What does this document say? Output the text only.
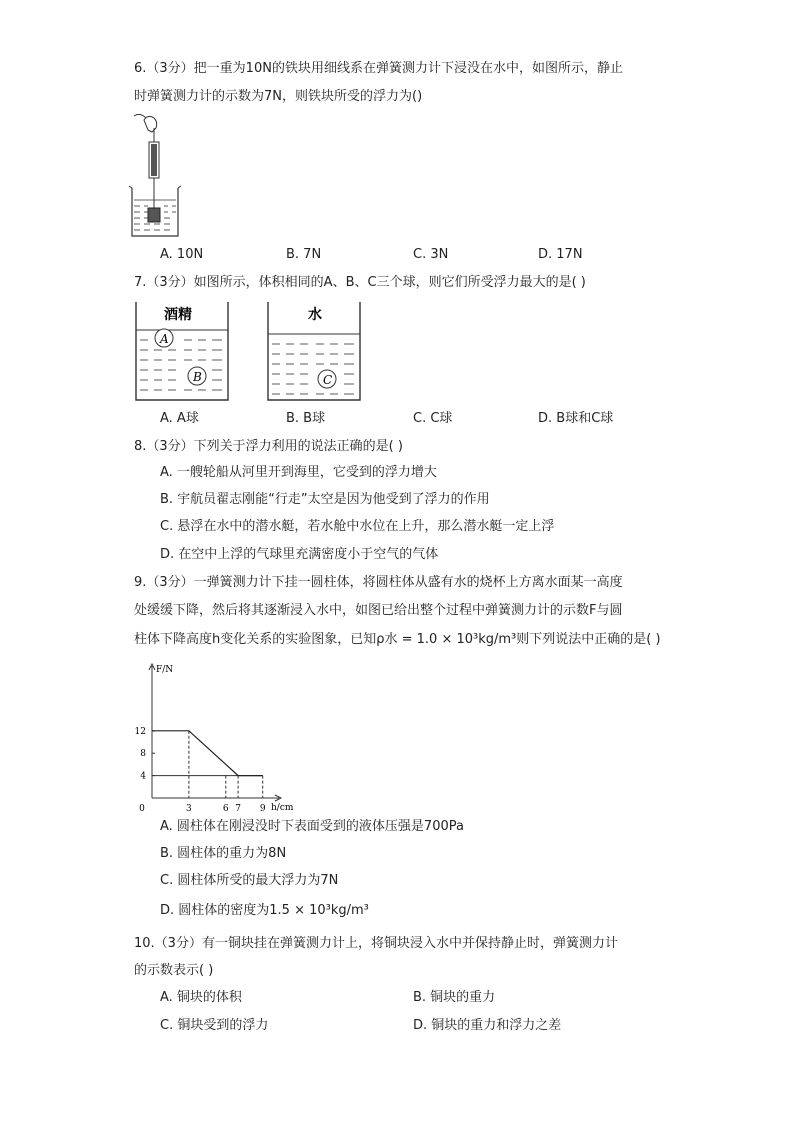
6.（3分）把一重为10N的铁块用细线系在弹簧测力计下浸没在水中，如图所示，静止
时弹簧测力计的示数为7N，则铁块所受的浮力为()
A. 10N	B. 7N	C. 3N	D. 17N
7.（3分）如图所示，体积相同的A、B、C三个球，则它们所受浮力最大的是( )
酒精
A
B
水
C
A. A球	B. B球	C. C球	D. B球和C球
8.（3分）下列关于浮力利用的说法正确的是( )
A. 一艘轮船从河里开到海里，它受到的浮力增大
B. 宇航员翟志刚能“行走”太空是因为他受到了浮力的作用
C. 悬浮在水中的潜水艇，若水舱中水位在上升，那么潜水艇一定上浮
D. 在空中上浮的气球里充满密度小于空气的气体
9.（3分）一弹簧测力计下挂一圆柱体，将圆柱体从盛有水的烧杯上方离水面某一高度
处缓缓下降，然后将其逐渐浸入水中，如图已给出整个过程中弹簧测力计的示数F与圆
柱体下降高度h变化关系的实验图象，已知ρ水 = 1.0 × 10³kg/m³则下列说法中正确的是( )
F/N
h/cm
4
8
12
0	3	6 7 9
A. 圆柱体在刚浸没时下表面受到的液体压强是700Pa
B. 圆柱体的重力为8N
C. 圆柱体所受的最大浮力为7N
D. 圆柱体的密度为1.5 × 10³kg/m³
10.（3分）有一铜块挂在弹簧测力计上，将铜块浸入水中并保持静止时，弹簧测力计
的示数表示( )
A. 铜块的体积	B. 铜块的重力
C. 铜块受到的浮力	D. 铜块的重力和浮力之差
